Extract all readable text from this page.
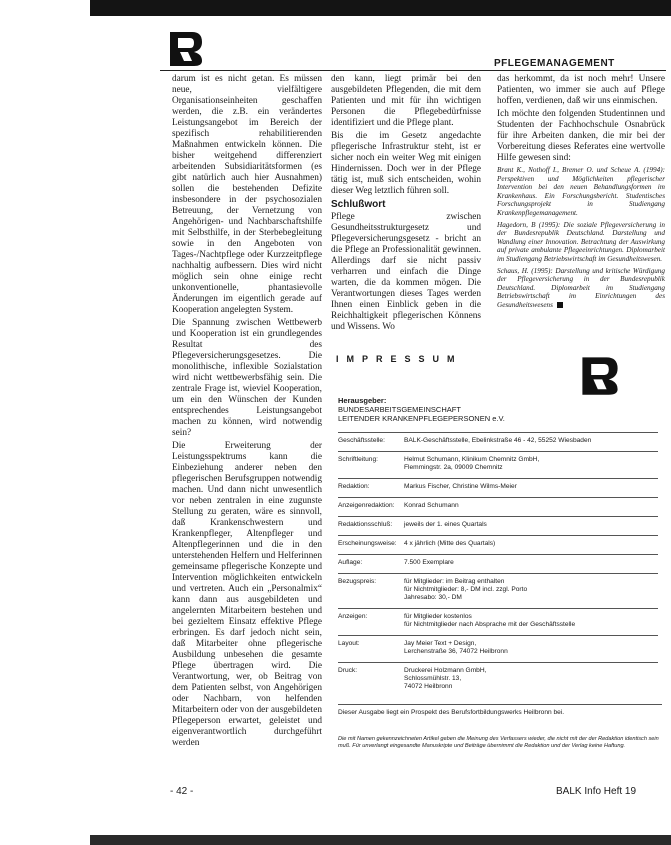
PFLEGEMANAGEMENT

darum ist es nicht getan. Es müssen neue, vielfältigere Organisationseinheiten geschaffen werden, die z.B. ein verändertes Leistungsangebot im Bereich der spezifisch rehabilitierenden Maßnahmen entwickeln können. Die bisher weitgehend differenziert arbeitenden Subsidiaritätsformen (es gibt natürlich auch hier Ausnahmen) sollen die bestehenden Defizite insbesondere in der psychosozialen Betreuung, der Vernetzung von Angehörigen- und Nachbarschaftshilfe mit Selbsthilfe, in der Sterbebegleitung sowie in den Angeboten von Tages-/Nachtpflege oder Kurzzeitpflege nachhaltig aufbessern. Dies wird nicht möglich sein ohne einige recht unkonventionelle, phantasievolle Änderungen im eigentlich gerade auf Kooperation angelegten System.

Die Spannung zwischen Wettbewerb und Kooperation ist ein grundlegendes Resultat des Pflegeversicherungsgesetzes. Die monolithische, inflexible Sozialstation wird nicht wettbewerbsfähig sein. Die zentrale Frage ist, wieviel Kooperation, um ein den Wünschen der Kunden entsprechendes Leistungsangebot machen zu können, wird notwendig sein?

Die Erweiterung der Leistungsspektrums kann die Einbeziehung anderer neben den pflegerischen Berufsgruppen notwendig machen. Und dann nicht unwesentlich vor neben zentralen in eine zugunste Stellung zu geraten, wäre es sinnvoll, daß Krankenschwestern und Krankenpfleger, Altenpfleger und Altenpflegerinnen und die in den unterstehenden Helfern und Helferinnen gemeinsame pflegerische Konzepte und Intervention möglichkeiten entwickeln und vertreten. Auch ein „Personalmix“ kann dann aus ausgebildeten und angelernten Mitarbeitern bestehen und bei gezieltem Einsatz effektive Pflege erbringen. Es darf jedoch nicht sein, daß Mitarbeiter ohne pflegerische Ausbildung unbesehen die gesamte Pflege übertragen wird. Die Verantwortung, wer, ob Beitrag von dem Patienten selbst, von Angehörigen oder Nachbarn, von helfenden Mitarbeitern oder von der ausgebildeten Pflegeperson erwartet, geleistet und eigenverantwortlich durchgeführt werden

den kann, liegt primär bei den ausgebildeten Pflegenden, die mit dem Patienten und mit für ihn wichtigen Personen die Pflegebedürfnisse identifiziert und die Pflege plant.

Bis die im Gesetz angedachte pflegerische Infrastruktur steht, ist er sicher noch ein weiter Weg mit einigen Hindernissen. Doch wer in der Pflege tätig ist, muß sich entscheiden, wohin dieser Weg letztlich führen soll.

Schlußwort

Pflege zwischen Gesundheitsstrukturgesetz und Pflegeversicherungsgesetz - bricht an die Pflege an Professionalität gewinnen. Allerdings darf sie nicht passiv verharren und einfach die Dinge warten, die da kommen mögen. Die Verantwortungen dieses Tages werden Ihnen einen Einblick geben in die Reichhaltigkeit pflegerischen Könnens und Wissens. Wo

das herkommt, da ist noch mehr! Unsere Patienten, wo immer sie auch auf Pflege hoffen, verdienen, daß wir uns einmischen.

Ich möchte den folgenden Studentinnen und Studenten der Fachhochschule Osnabrück für ihre Arbeiten danken, die mir bei der Vorbereitung dieses Referates eine wertvolle Hilfe gewesen sind:

Brant K., Nothoff I., Bremer O. und Scheue A. (1994): Perspektiven und Möglichkeiten pflegerischer Intervention bei den neuen Behandlungsformen im Krankenhaus. Ein Forschungsbericht. Studentisches Forschungsprojekt in Studiengang Krankenpflegemanagement.

Hagedorn, B (1995): Die soziale Pflegeversicherung in der Bundesrepublik Deutschland. Darstellung und Wandlung einer Innovation. Betrachtung der Auswirkung auf private ambulante Pflegeeinrichtungen. Diplomarbeit im Studiengang Betriebswirtschaft im Gesundheitswesen.

Schaus, H. (1995): Darstellung und kritische Würdigung der Pflegeversicherung in der Bundesrepublik Deutschland. Diplomarbeit im Studiengang Betriebswirtschaft im Einrichtungen des Gesundheitswesens

IMPRESSUM
Herausgeber:
BUNDESARBEITSGEMEINSCHAFT
LEITENDER KRANKENPFLEGEPERSONEN e.V.
Geschäftsstelle:	BALK-Geschäftsstelle, Ebelinkstraße 46 - 42, 55252 Wiesbaden
Schriftleitung:	Helmut Schumann, Klinikum Chemnitz GmbH,
Flemmingstr. 2a, 09009 Chemnitz
Redaktion:	Markus Fischer, Christine Wilms-Meier
Anzeigenredaktion:	Konrad Schumann
Redaktionsschluß:	jeweils der 1. eines Quartals
Erscheinungsweise:	4 x jährlich (Mitte des Quartals)
Auflage:	7.500 Exemplare
Bezugspreis:	für Mitglieder: im Beitrag enthalten
für Nichtmitglieder: 8,- DM incl. zzgl. Porto
Jahresabo: 30,- DM
Anzeigen:	für Mitglieder kostenlos
für Nichtmitglieder nach Absprache mit der Geschäftsstelle
Layout:	Jay Meier Text + Design,
Lerchenstraße 36, 74072 Heilbronn
Druck:	Druckerei Holzmann GmbH,
Schlossmühlstr. 13,
74072 Heilbronn
Dieser Ausgabe liegt ein Prospekt des Berufsfortbildungswerks Heilbronn bei.
Die mit Namen gekennzeichneten Artikel geben die Meinung des Verfassers wieder, die nicht mit der der Redaktion identisch sein muß. Für unverlangt eingesandte Manuskripte und Beiträge übernimmt die Redaktion und der Verlag keine Haftung.
- 42 -	BALK Info Heft 19
